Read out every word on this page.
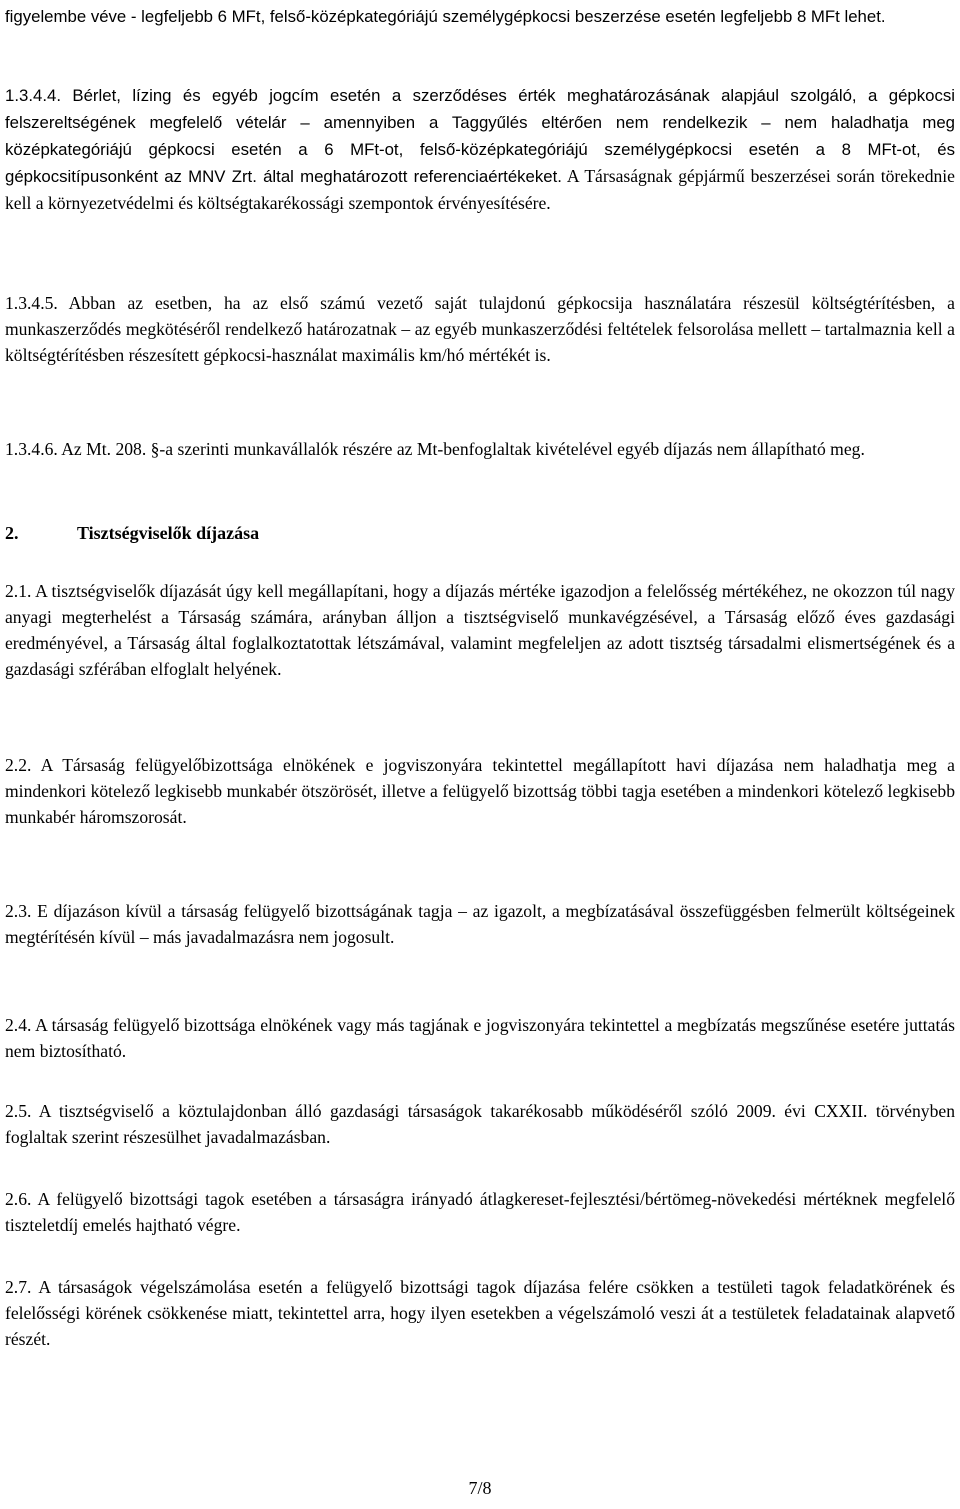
figyelembe véve - legfeljebb 6 MFt, felső-középkategóriájú személygépkocsi beszerzése esetén legfeljebb 8 MFt lehet.

1.3.4.4. Bérlet, lízing és egyéb jogcím esetén a szerződéses érték meghatározásának alapjául szolgáló, a gépkocsi felszereltségének megfelelő vételár – amennyiben a Taggyűlés eltérően nem rendelkezik – nem haladhatja meg középkategóriájú gépkocsi esetén a 6 MFt-ot, felső-középkategóriájú személygépkocsi esetén a 8 MFt-ot, és gépkocsitípusonként az MNV Zrt. által meghatározott referenciaértékeket. A Társaságnak gépjármű beszerzései során törekednie kell a környezetvédelmi és költségtakarékossági szempontok érvényesítésére.

1.3.4.5. Abban az esetben, ha az első számú vezető saját tulajdonú gépkocsija használatára részesül költségtérítésben, a munkaszerződés megkötéséről rendelkező határozatnak – az egyéb munkaszerződési feltételek felsorolása mellett – tartalmaznia kell a költségtérítésben részesített gépkocsi-használat maximális km/hó mértékét is.

1.3.4.6. Az Mt. 208. §-a szerinti munkavállalók részére az Mt-benfoglaltak kivételével egyéb díjazás nem állapítható meg.

2.	Tisztségviselők díjazása

2.1. A tisztségviselők díjazását úgy kell megállapítani, hogy a díjazás mértéke igazodjon a felelősség mértékéhez, ne okozzon túl nagy anyagi megterhelést a Társaság számára, arányban álljon a tisztségviselő munkavégzésével, a Társaság előző éves gazdasági eredményével, a Társaság által foglalkoztatottak létszámával, valamint megfeleljen az adott tisztség társadalmi elismertségének és a gazdasági szférában elfoglalt helyének.

2.2. A Társaság felügyelőbizottsága elnökének e jogviszonyára tekintettel megállapított havi díjazása nem haladhatja meg a mindenkori kötelező legkisebb munkabér ötszörösét, illetve a felügyelő bizottság többi tagja esetében a mindenkori kötelező legkisebb munkabér háromszorosát.

2.3. E díjazáson kívül a társaság felügyelő bizottságának tagja – az igazolt, a megbízatásával összefüggésben felmerült költségeinek megtérítésén kívül – más javadalmazásra nem jogosult.

2.4. A társaság felügyelő bizottsága elnökének vagy más tagjának e jogviszonyára tekintettel a megbízatás megszűnése esetére juttatás nem biztosítható.

2.5. A tisztségviselő a köztulajdonban álló gazdasági társaságok takarékosabb működéséről szóló 2009. évi CXXII. törvényben foglaltak szerint részesülhet javadalmazásban.

2.6. A felügyelő bizottsági tagok esetében a társaságra irányadó átlagkereset-fejlesztési/bértömeg-növekedési mértéknek megfelelő tiszteletdíj emelés hajtható végre.

2.7. A társaságok végelszámolása esetén a felügyelő bizottsági tagok díjazása felére csökken a testületi tagok feladatkörének és felelősségi körének csökkenése miatt, tekintettel arra, hogy ilyen esetekben a végelszámoló veszi át a testületek feladatainak alapvető részét.

7/8
